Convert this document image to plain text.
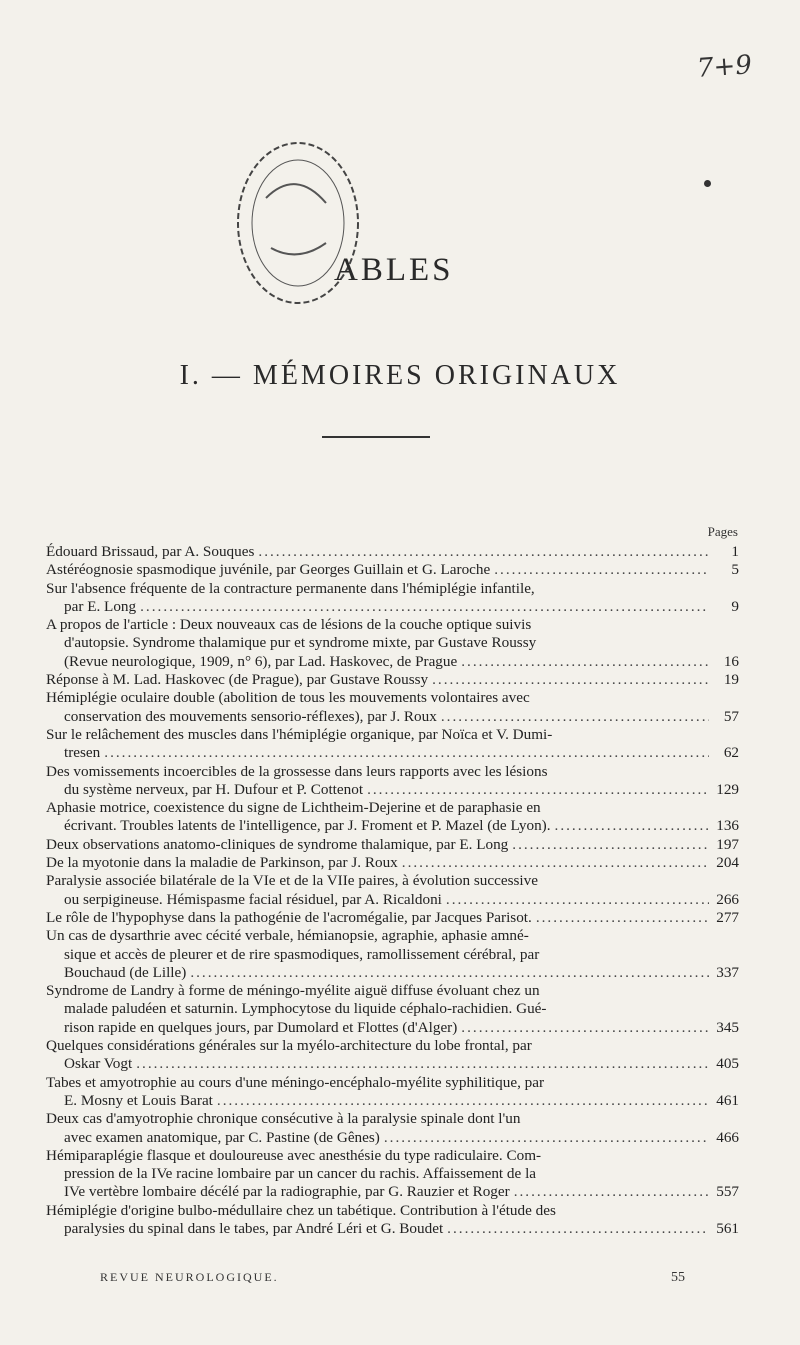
7+9
ABLES
I. — MÉMOIRES ORIGINAUX
Pages
Édouard Brissaud, par A. Souques .....	1
Astéréognosie spasmodique juvénile, par Georges Guillain et G. Laroche .....	5
Sur l'absence fréquente de la contracture permanente dans l'hémiplégie infantile,
par E. Long .....	9
A propos de l'article : Deux nouveaux cas de lésions de la couche optique suivis
d'autopsie. Syndrome thalamique pur et syndrome mixte, par Gustave Roussy
(Revue neurologique, 1909, n° 6), par Lad. Haskovec, de Prague .....	16
Réponse à M. Lad. Haskovec (de Prague), par Gustave Roussy .....	19
Hémiplégie oculaire double (abolition de tous les mouvements volontaires avec
conservation des mouvements sensorio-réflexes), par J. Roux .....	57
Sur le relâchement des muscles dans l'hémiplégie organique, par Noïca et V. Dumi-
tresen .....	62
Des vomissements incoercibles de la grossesse dans leurs rapports avec les lésions
du système nerveux, par H. Dufour et P. Cottenot .....	129
Aphasie motrice, coexistence du signe de Lichtheim-Dejerine et de paraphasie en
écrivant. Troubles latents de l'intelligence, par J. Froment et P. Mazel (de Lyon). .....	136
Deux observations anatomo-cliniques de syndrome thalamique, par E. Long .....	197
De la myotonie dans la maladie de Parkinson, par J. Roux .....	204
Paralysie associée bilatérale de la VIe et de la VIIe paires, à évolution successive
ou serpigineuse. Hémispasme facial résiduel, par A. Ricaldoni .....	266
Le rôle de l'hypophyse dans la pathogénie de l'acromégalie, par Jacques Parisot. .....	277
Un cas de dysarthrie avec cécité verbale, hémianopsie, agraphie, aphasie amné-
sique et accès de pleurer et de rire spasmodiques, ramollissement cérébral, par
Bouchaud (de Lille) .....	337
Syndrome de Landry à forme de méningo-myélite aiguë diffuse évoluant chez un
malade paludéen et saturnin. Lymphocytose du liquide céphalo-rachidien. Gué-
rison rapide en quelques jours, par Dumolard et Flottes (d'Alger) .....	345
Quelques considérations générales sur la myélo-architecture du lobe frontal, par
Oskar Vogt .....	405
Tabes et amyotrophie au cours d'une méningo-encéphalo-myélite syphilitique, par
E. Mosny et Louis Barat .....	461
Deux cas d'amyotrophie chronique consécutive à la paralysie spinale dont l'un
avec examen anatomique, par C. Pastine (de Gênes) .....	466
Hémiparaplégie flasque et douloureuse avec anesthésie du type radiculaire. Com-
pression de la IVe racine lombaire par un cancer du rachis. Affaissement de la
IVe vertèbre lombaire décélé par la radiographie, par G. Rauzier et Roger .....	557
Hémiplégie d'origine bulbo-médullaire chez un tabétique. Contribution à l'étude des
paralysies du spinal dans le tabes, par André Léri et G. Boudet .....	561
REVUE NEUROLOGIQUE.	55
